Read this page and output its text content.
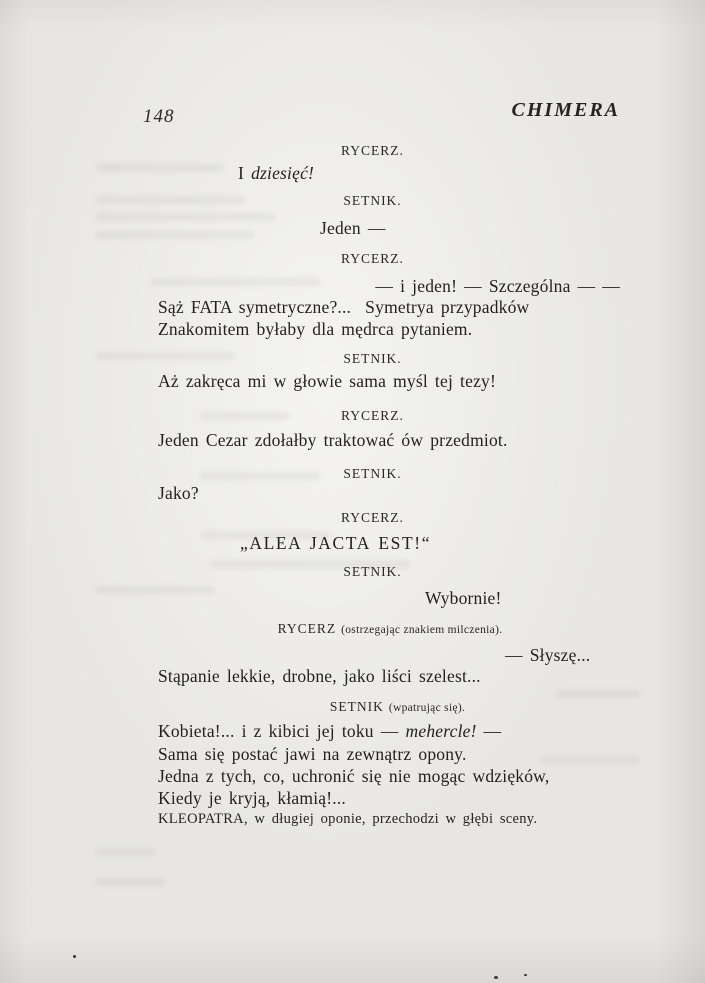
148	CHIMERA
RYCERZ.
I dziesięć!
SETNIK.
Jeden —
RYCERZ.
— i jeden! — Szczególna — —
Sąż FATA symetryczne?...  Symetrya przypadków
Znakomitem byłaby dla mędrca pytaniem.
SETNIK.
Aż zakręca mi w głowie sama myśl tej tezy!
RYCERZ.
Jeden Cezar zdołałby traktować ów przedmiot.
SETNIK.
Jako?
RYCERZ.
„ALEA JACTA EST!“
SETNIK.
Wybornie!
RYCERZ (ostrzegając znakiem milczenia).
— Słyszę...
Stąpanie lekkie, drobne, jako liści szelest...
SETNIK (wpatrując się).
Kobieta!... i z kibici jej toku — mehercle! —
Sama się postać jawi na zewnątrz opony.
Jedna z tych, co, uchronić się nie mogąc wdzięków,
Kiedy je kryją, kłamią!...
KLEOPATRA, w długiej oponie, przechodzi w głębi sceny.
